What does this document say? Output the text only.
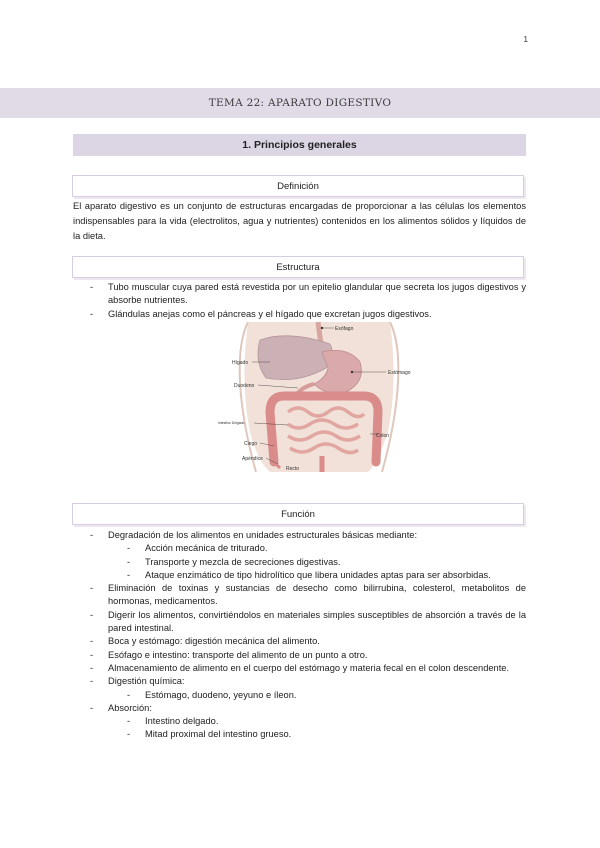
1
TEMA 22: APARATO DIGESTIVO
1. Principios generales
Definición
El aparato digestivo es un conjunto de estructuras encargadas de proporcionar a las células los elementos indispensables para la vida (electrolitos, agua y nutrientes) contenidos en los alimentos sólidos y líquidos de la dieta.
Estructura
- Tubo muscular cuya pared está revestida por un epitelio glandular que secreta los jugos digestivos y absorbe nutrientes.
- Glándulas anejas como el páncreas y el hígado que excretan jugos digestivos.
Esófago
Hígado
Estómago
Duodeno
Intestino Delgado
Colon
Ciego
Apéndice
Recto
Función
- Degradación de los alimentos en unidades estructurales básicas mediante:
- Acción mecánica de triturado.
- Transporte y mezcla de secreciones digestivas.
- Ataque enzimático de tipo hidrolítico que libera unidades aptas para ser absorbidas.
- Eliminación de toxinas y sustancias de desecho como bilirrubina, colesterol, metabolitos de hormonas, medicamentos.
- Digerir los alimentos, convirtiéndolos en materiales simples susceptibles de absorción a través de la pared intestinal.
- Boca y estómago: digestión mecánica del alimento.
- Esófago e intestino: transporte del alimento de un punto a otro.
- Almacenamiento de alimento en el cuerpo del estómago y materia fecal en el colon descendente.
- Digestión química:
- Estómago, duodeno, yeyuno e íleon.
- Absorción:
- Intestino delgado.
- Mitad proximal del intestino grueso.
